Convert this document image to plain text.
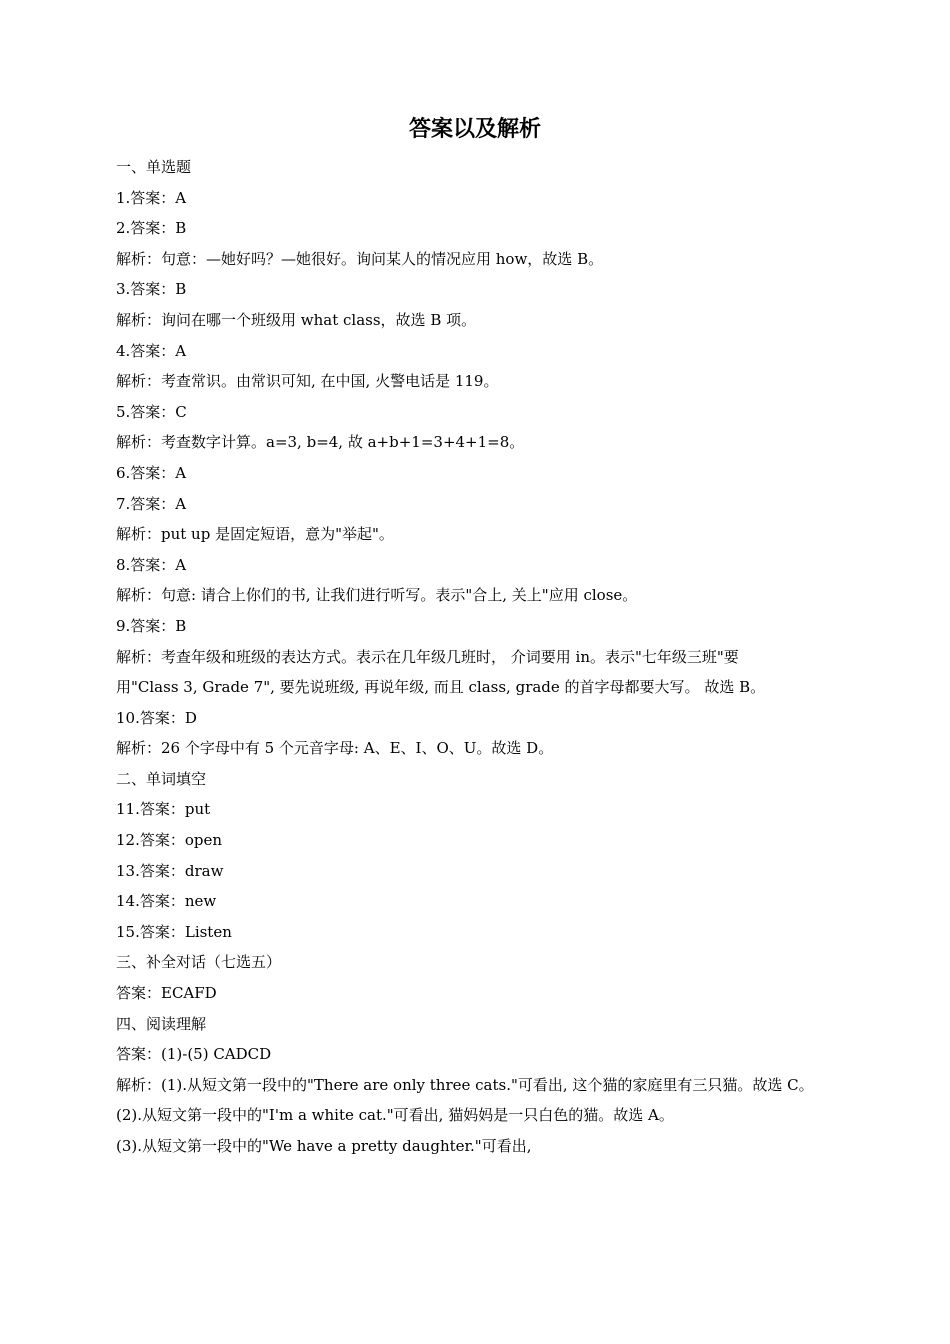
答案以及解析
一、单选题
1.答案：A
2.答案：B
解析：句意：—她好吗？—她很好。询问某人的情况应用 how，故选 B。
3.答案：B
解析：询问在哪一个班级用 what class，故选 B 项。
4.答案：A
解析：考查常识。由常识可知, 在中国, 火警电话是 119。
5.答案：C
解析：考查数字计算。a=3, b=4, 故 a+b+1=3+4+1=8。
6.答案：A
7.答案：A
解析：put up 是固定短语，意为"举起"。
8.答案：A
解析：句意: 请合上你们的书, 让我们进行听写。表示"合上, 关上"应用 close。
9.答案：B
解析：考查年级和班级的表达方式。表示在几年级几班时， 介词要用 in。表示"七年级三班"要
用"Class 3, Grade 7", 要先说班级, 再说年级, 而且 class, grade 的首字母都要大写。 故选 B。
10.答案：D
解析：26 个字母中有 5 个元音字母: A、E、I、O、U。故选 D。
二、单词填空
11.答案：put
12.答案：open
13.答案：draw
14.答案：new
15.答案：Listen
三、补全对话（七选五）
答案：ECAFD
四、阅读理解
答案：(1)-(5) CADCD
解析：(1).从短文第一段中的"There are only three cats."可看出, 这个猫的家庭里有三只猫。故选 C。
(2).从短文第一段中的"I'm a white cat."可看出, 猫妈妈是一只白色的猫。故选 A。
(3).从短文第一段中的"We have a pretty daughter."可看出,
